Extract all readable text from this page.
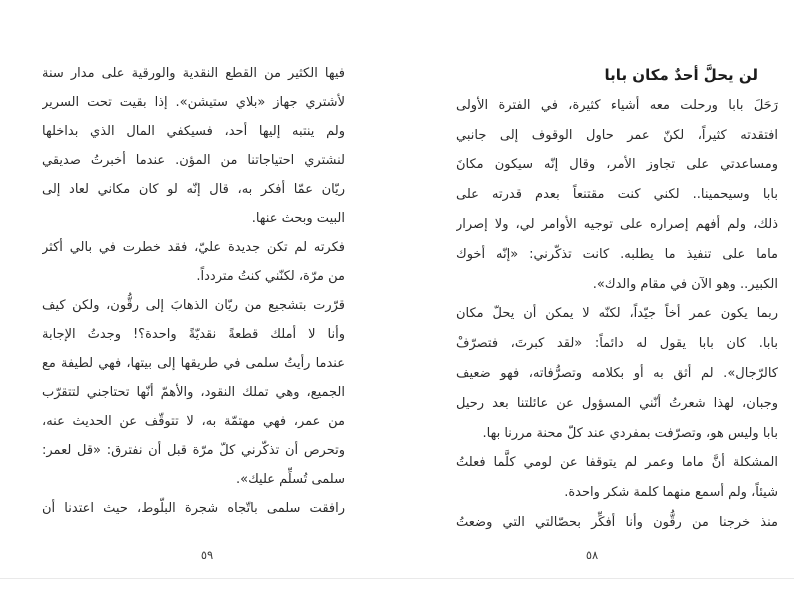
فيها الكثير من القطع النقدية والورقية على مدار سنة

لأشتري جهاز «بلاي ستيشن». إذا بقيت تحت السرير

ولم ينتبه إليها أحد، فسيكفي المال الذي بداخلها

لنشتري احتياجاتنا من المؤن. عندما أخبرتُ صديقي

ريّان عمّا أفكر به، قال إنّه لو كان مكاني لعاد إلى

البيت وبحث عنها.

فكرته لم تكن جديدة عليّ، فقد خطرت في بالي أكثر

من مرّة، لكنّني كنتُ متردداً.

قرّرت بتشجيع من ريّان الذهابَ إلى رقُّون، ولكن كيف

وأنا لا أملك قطعةً نقديّةً واحدة؟! وجدتُ الإجابة

عندما رأيتُ سلمى في طريقها إلى بيتها، فهي لطيفة مع

الجميع، وهي تملك النقود، والأهمّ أنّها تحتاجني لتتقرّب

من عمر، فهي مهتمّة به، لا تتوقّف عن الحديث عنه،

وتحرص أن تذكّرني كلّ مرّة قبل أن نفترق: «قل لعمر:

سلمى تُسلِّم عليك».

رافقت سلمى باتّجاه شجرة البلّوط، حيث اعتدنا أن

٥٩
لن يحلَّ أحدٌ مكان بابا

رَحَلَ بابا ورحلت معه أشياء كثيرة، في الفترة الأولى

افتقدته كثيراً، لكنّ عمر حاول الوقوف إلى جانبي

ومساعدتي على تجاوز الأمر، وقال إنّه سيكون مكانَ

بابا وسيحمينا.. لكني كنت مقتنعاً بعدم قدرته على

ذلك، ولم أفهم إصراره على توجيه الأوامر لي، ولا إصرار

ماما على تنفيذ ما يطلبه. كانت تذكّرني: «إنّه أخوك

الكبير.. وهو الآن في مقام والدك».

ربما يكون عمر أخاً جيّداً، لكنّه لا يمكن أن يحلّ مكان

بابا. كان بابا يقول له دائماً: «لقد كبرتَ، فتصرّفْ

كالرّجال». لم أثق به أو بكلامه وتصرُّفاته، فهو ضعيف

وجبان، لهذا شعرتُ أنّني المسؤول عن عائلتنا بعد رحيل

بابا وليس هو، وتصرّفت بمفردي عند كلّ محنة مررنا بها.

المشكلة أنَّ ماما وعمر لم يتوقفا عن لومي كلَّما فعلتُ

شيئاً، ولم أسمع منهما كلمة شكر واحدة.

منذ خرجنا من رقُّون وأنا أفكِّر بحصّالتي التي وضعتُ

٥٨
